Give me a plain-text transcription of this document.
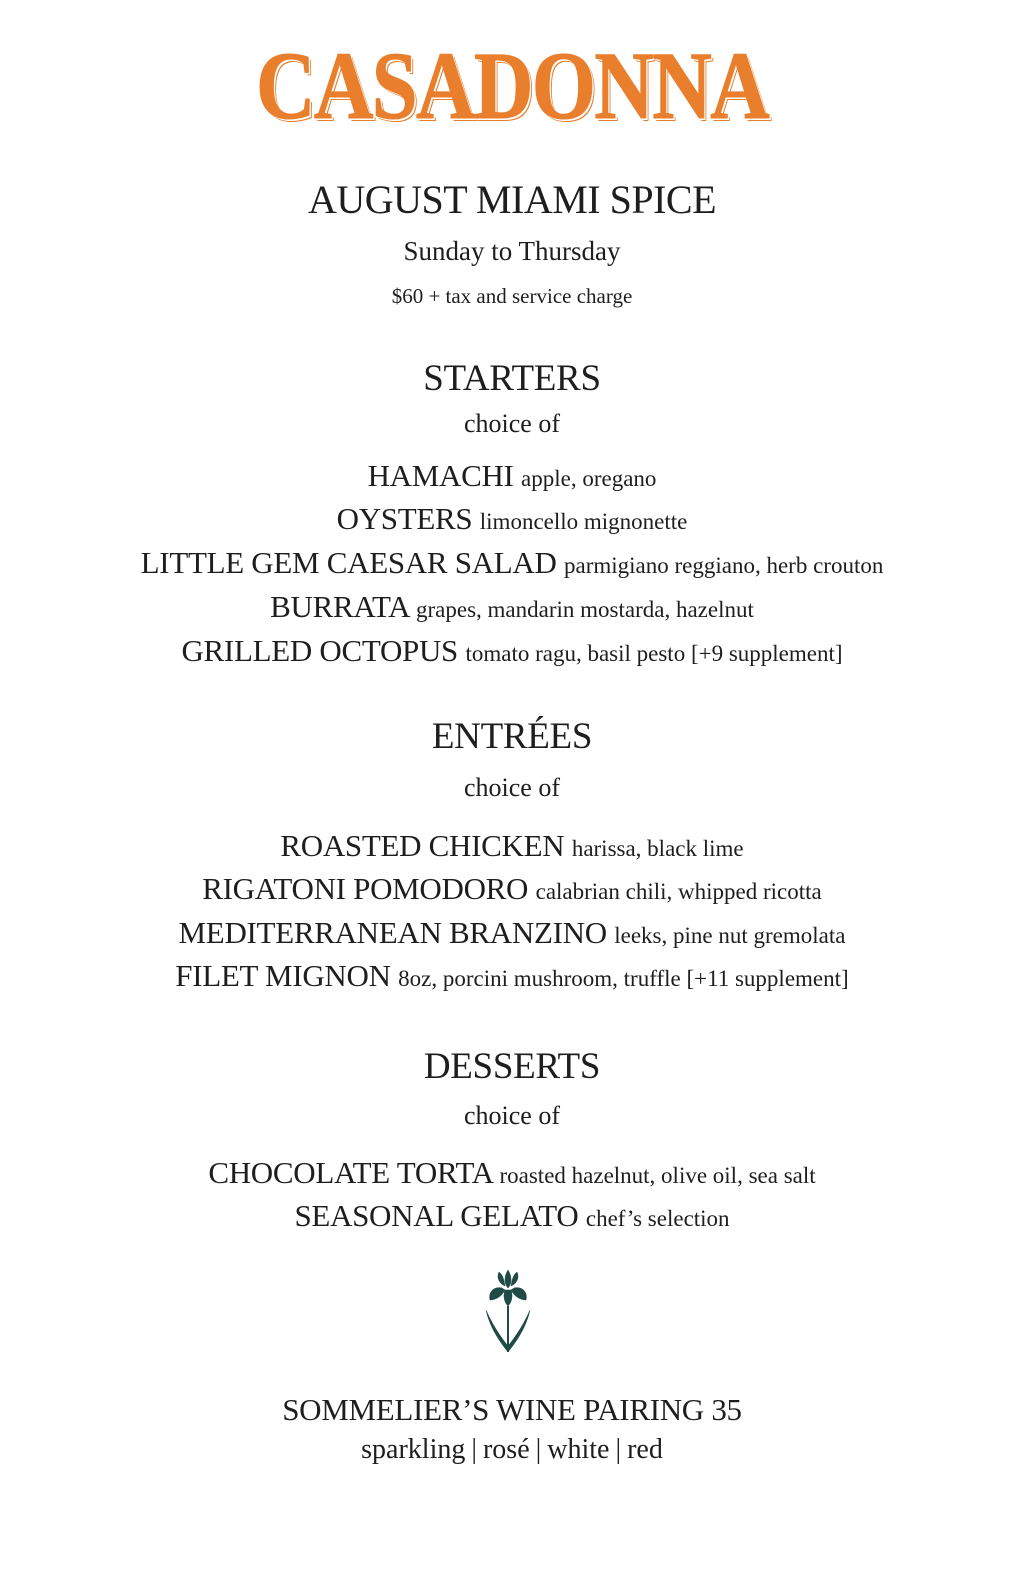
CASADONNA
AUGUST MIAMI SPICE
Sunday to Thursday
$60 + tax and service charge
STARTERS
choice of
HAMACHI apple, oregano
OYSTERS limoncello mignonette
LITTLE GEM CAESAR SALAD parmigiano reggiano, herb crouton
BURRATA grapes, mandarin mostarda, hazelnut
GRILLED OCTOPUS tomato ragu, basil pesto [+9 supplement]
ENTRÉES
choice of
ROASTED CHICKEN harissa, black lime
RIGATONI POMODORO calabrian chili, whipped ricotta
MEDITERRANEAN BRANZINO leeks, pine nut gremolata
FILET MIGNON 8oz, porcini mushroom, truffle [+11 supplement]
DESSERTS
choice of
CHOCOLATE TORTA roasted hazelnut, olive oil, sea salt
SEASONAL GELATO chef’s selection
SOMMELIER’S WINE PAIRING 35
sparkling | rosé | white | red
